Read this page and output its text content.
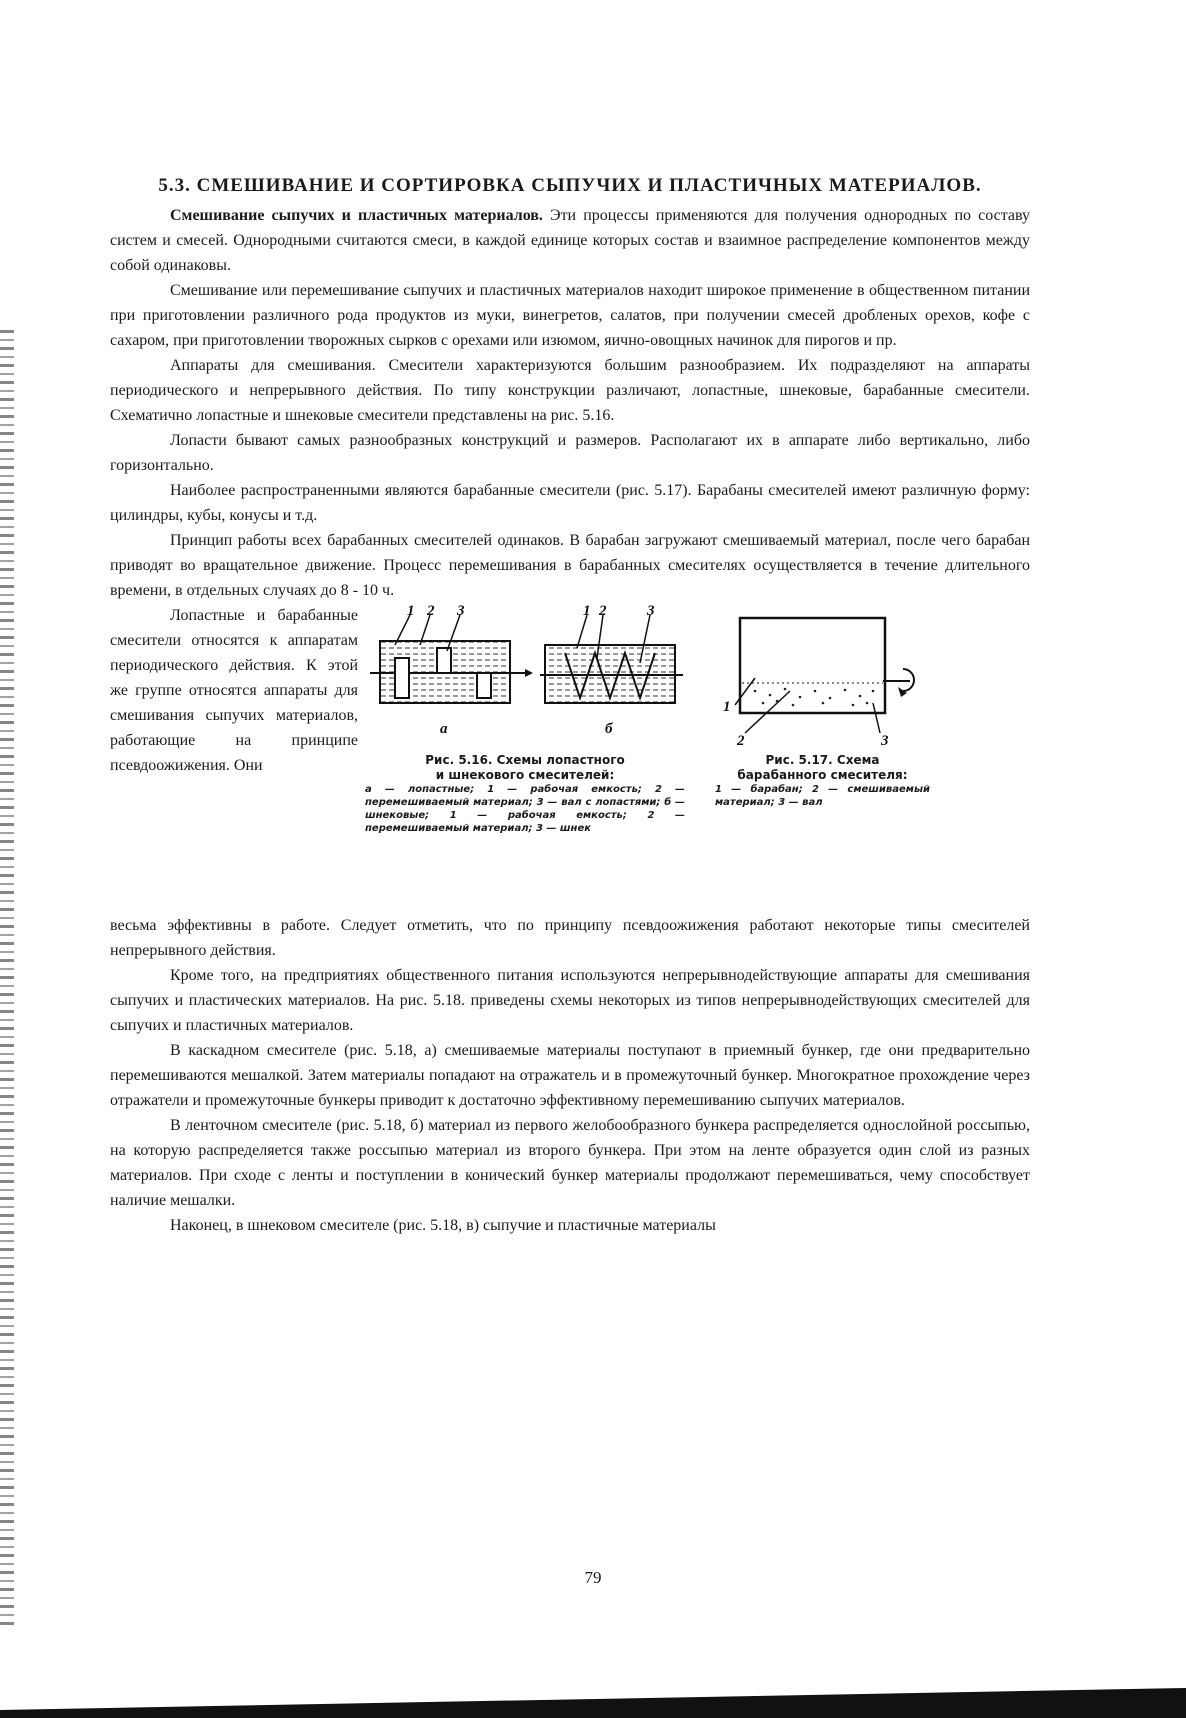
5.3. СМЕШИВАНИЕ И СОРТИРОВКА СЫПУЧИХ И ПЛАСТИЧНЫХ МАТЕРИАЛОВ.

Смешивание сыпучих и пластичных материалов. Эти процессы применяются для получения однородных по составу систем и смесей. Однородными считаются смеси, в каждой единице которых состав и взаимное распределение компонентов между собой одинаковы.

Смешивание или перемешивание сыпучих и пластичных материалов находит широкое применение в общественном питании при приготовлении различного рода продуктов из муки, винегретов, салатов, при получении смесей дробленых орехов, кофе с сахаром, при приготовлении творожных сырков с орехами или изюмом, яично-овощных начинок для пирогов и пр.

Аппараты для смешивания. Смесители характеризуются большим разнообразием. Их подразделяют на аппараты периодического и непрерывного действия. По типу конструкции различают, лопастные, шнековые, барабанные смесители. Схематично лопастные и шнековые смесители представлены на рис. 5.16.

Лопасти бывают самых разнообразных конструкций и размеров. Располагают их в аппарате либо вертикально, либо горизонтально.

Наиболее распространенными являются барабанные смесители (рис. 5.17). Барабаны смесителей имеют различную форму: цилиндры, кубы, конусы и т.д.

Принцип работы всех барабанных смесителей одинаков. В барабан загружают смешиваемый материал, после чего барабан приводят во вращательное движение. Процесс перемешивания в барабанных смесителях осуществляется в течение длительного времени, в отдельных случаях до 8 - 10 ч.

Лопастные и барабанные смесители относятся к аппаратам периодического действия. К этой же группе относятся аппараты для смешивания сыпучих материалов, работающие на принципе псевдоожижения. Они

1 2 3	1 2	3
а	б
Рис. 5.16. Схемы лопастного
и шнекового смесителей:
а — лопастные; 1 — рабочая емкость; 2 — перемешиваемый материал; 3 — вал с лопастями; б — шнековые; 1 — рабочая емкость; 2 — перемешиваемый материал; 3 — шнек
1
2	3
Рис. 5.17. Схема
барабанного смесителя:
1 — барабан; 2 — смешиваемый материал; 3 — вал

весьма эффективны в работе. Следует отметить, что по принципу псевдоожижения работают некоторые типы смесителей непрерывного действия.

Кроме того, на предприятиях общественного питания используются непрерывнодействующие аппараты для смешивания сыпучих и пластических материалов. На рис. 5.18. приведены схемы некоторых из типов непрерывнодействующих смесителей для сыпучих и пластичных материалов.

В каскадном смесителе (рис. 5.18, а) смешиваемые материалы поступают в приемный бункер, где они предварительно перемешиваются мешалкой. Затем материалы попадают на отражатель и в промежуточный бункер. Многократное прохождение через отражатели и промежуточные бункеры приводит к достаточно эффективному перемешиванию сыпучих материалов.

В ленточном смесителе (рис. 5.18, б) материал из первого желобообразного бункера распределяется однослойной россыпью, на которую распределяется также россыпью материал из второго бункера. При этом на ленте образуется один слой из разных материалов. При сходе с ленты и поступлении в конический бункер материалы продолжают перемешиваться, чему способствует наличие мешалки.

Наконец, в шнековом смесителе (рис. 5.18, в) сыпучие и пластичные материалы

79
